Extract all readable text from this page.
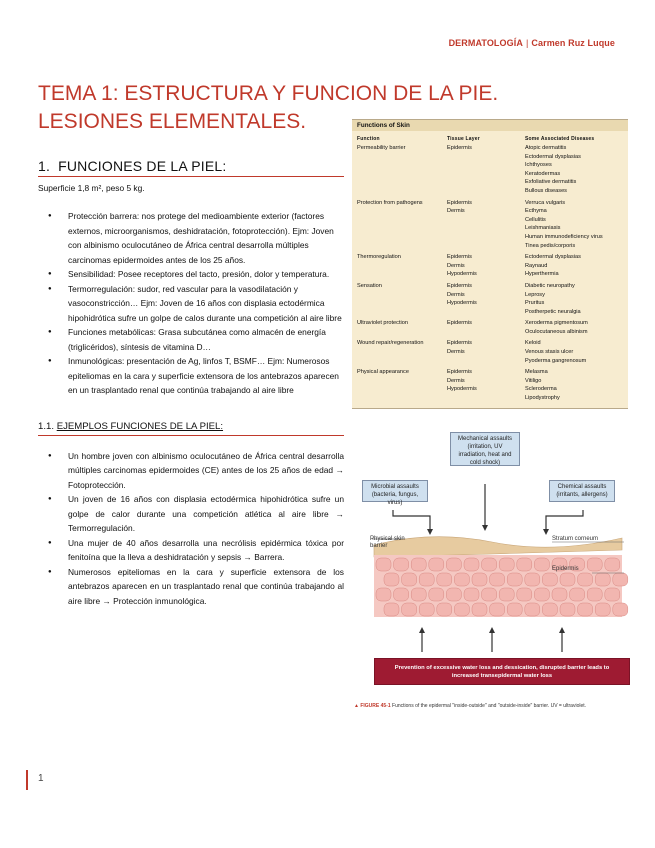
DERMATOLOGÍA | Carmen Ruz Luque
TEMA 1: ESTRUCTURA Y FUNCION DE LA PIE. LESIONES ELEMENTALES.
1. FUNCIONES DE LA PIEL:

Superficie 1,8 m², peso 5 kg.

● Protección barrera: nos protege del medioambiente exterior (factores externos, microorganismos, deshidratación, fotoprotección). Ejm: Joven con albinismo oculocutáneo de África central desarrolla múltiples carcinomas epidermoides antes de los 25 años.
● Sensibilidad: Posee receptores del tacto, presión, dolor y temperatura.
● Termorregulación: sudor, red vascular para la vasodilatación y vasoconstricción… Ejm: Joven de 16 años con displasia ectodérmica hipohidrótica sufre un golpe de calos durante una competición al aire libre
● Funciones metabólicas: Grasa subcutánea como almacén de energía (triglicéridos), síntesis de vitamina D…
● Inmunológicas: presentación de Ag, linfos T, BSMF… Ejm: Numerosos epiteliomas en la cara y superficie extensora de los antebrazos aparecen en un trasplantado renal que continúa trabajando al aire libre
1.1. EJEMPLOS FUNCIONES DE LA PIEL:
● Un hombre joven con albinismo oculocutáneo de África central desarrolla múltiples carcinomas epidermoides (CE) antes de los 25 años de edad → Fotoprotección.
● Un joven de 16 años con displasia ectodérmica hipohidrótica sufre un golpe de calor durante una competición atlética al aire libre → Termorregulación.
● Una mujer de 40 años desarrolla una necrólisis epidérmica tóxica por fenitoína que la lleva a deshidratación y sepsis → Barrera.
● Numerosos epiteliomas en la cara y superficie extensora de los antebrazos aparecen en un trasplantado renal que continúa trabajando al aire libre → Protección inmunológica.
Functions of Skin
Function	Tissue Layer	Some Associated Diseases
Permeability barrier	Epidermis	Atopic dermatitis
Ectodermal dysplasias
Ichthyoses
Keratodermas
Exfoliative dermatitis
Bullous diseases
Protection from pathogens	Epidermis	Verruca vulgaris
Dermis	Ecthyma
Cellulitis
Leishmaniasis
Human immunodeficiency virus
Tinea pedis/corporis
Thermoregulation	Epidermis	Ectodermal dysplasias
Dermis	Raynaud
Hypodermis	Hyperthermia
Sensation	Epidermis	Diabetic neuropathy
Dermis	Leprosy
Hypodermis	Pruritus
Postherpetic neuralgia
Ultraviolet protection	Epidermis	Xeroderma pigmentosum
Oculocutaneous albinism
Wound repair/regeneration	Epidermis	Keloid
Dermis	Venous stasis ulcer
Pyoderma gangrenosum
Physical appearance	Epidermis	Melasma
Dermis	Vitiligo
Hypodermis	Scleroderma
Lipodystrophy
Mechanical assaults (irritation, UV irradiation, heat and cold shock)
Microbial assaults (bacteria, fungus, virus)
Chemical assaults (irritants, allergens)
Physical skin barrier
Stratum corneum
Epidermis
Prevention of excessive water loss and dessication, disrupted barrier leads to increased transepidermal water loss
▲ FIGURE 45-1 Functions of the epidermal "inside-outside" and "outside-inside" barrier. UV = ultraviolet.
1
